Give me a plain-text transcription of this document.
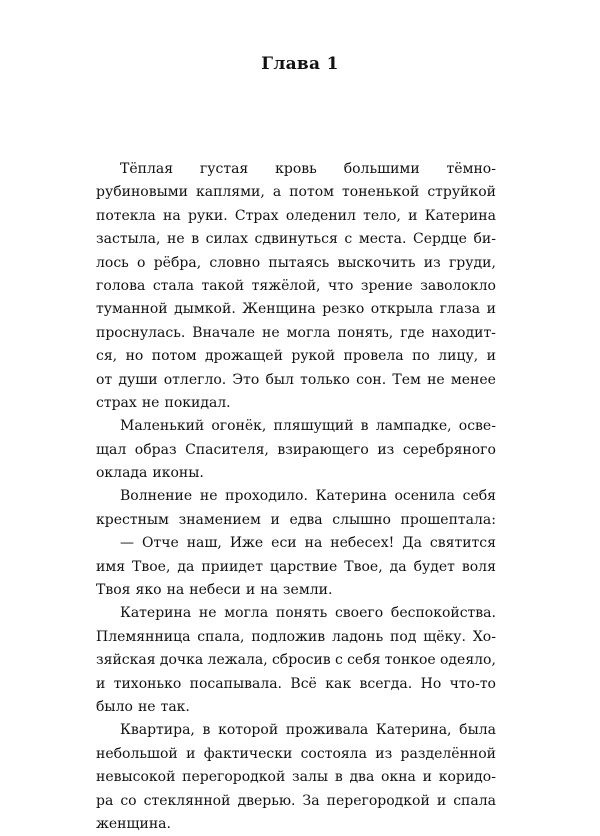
Глава 1
Тёплая густая кровь большими тёмно-
рубиновыми каплями, а потом тоненькой струйкой
потекла на руки. Страх оледенил тело, и Катерина
застыла, не в силах сдвинуться с места. Сердце би-
лось о рёбра, словно пытаясь выскочить из груди,
голова стала такой тяжёлой, что зрение заволокло
туманной дымкой. Женщина резко открыла глаза и
проснулась. Вначале не могла понять, где находит-
ся, но потом дрожащей рукой провела по лицу, и
от души отлегло. Это был только сон. Тем не менее
страх не покидал.
Маленький огонёк, пляшущий в лампадке, осве-
щал образ Спасителя, взирающего из серебряного
оклада иконы.
Волнение не проходило. Катерина осенила себя
крестным знамением и едва слышно прошептала:
— Отче наш, Иже еси на небесех! Да святится
имя Твое, да приидет царствие Твое, да будет воля
Твоя яко на небеси и на земли.
Катерина не могла понять своего беспокойства.
Племянница спала, подложив ладонь под щёку. Хо-
зяйская дочка лежала, сбросив с себя тонкое одеяло,
и тихонько посапывала. Всё как всегда. Но что-то
было не так.
Квартира, в которой проживала Катерина, была
небольшой и фактически состояла из разделённой
невысокой перегородкой залы в два окна и коридо-
ра со стеклянной дверью. За перегородкой и спала
женщина.
